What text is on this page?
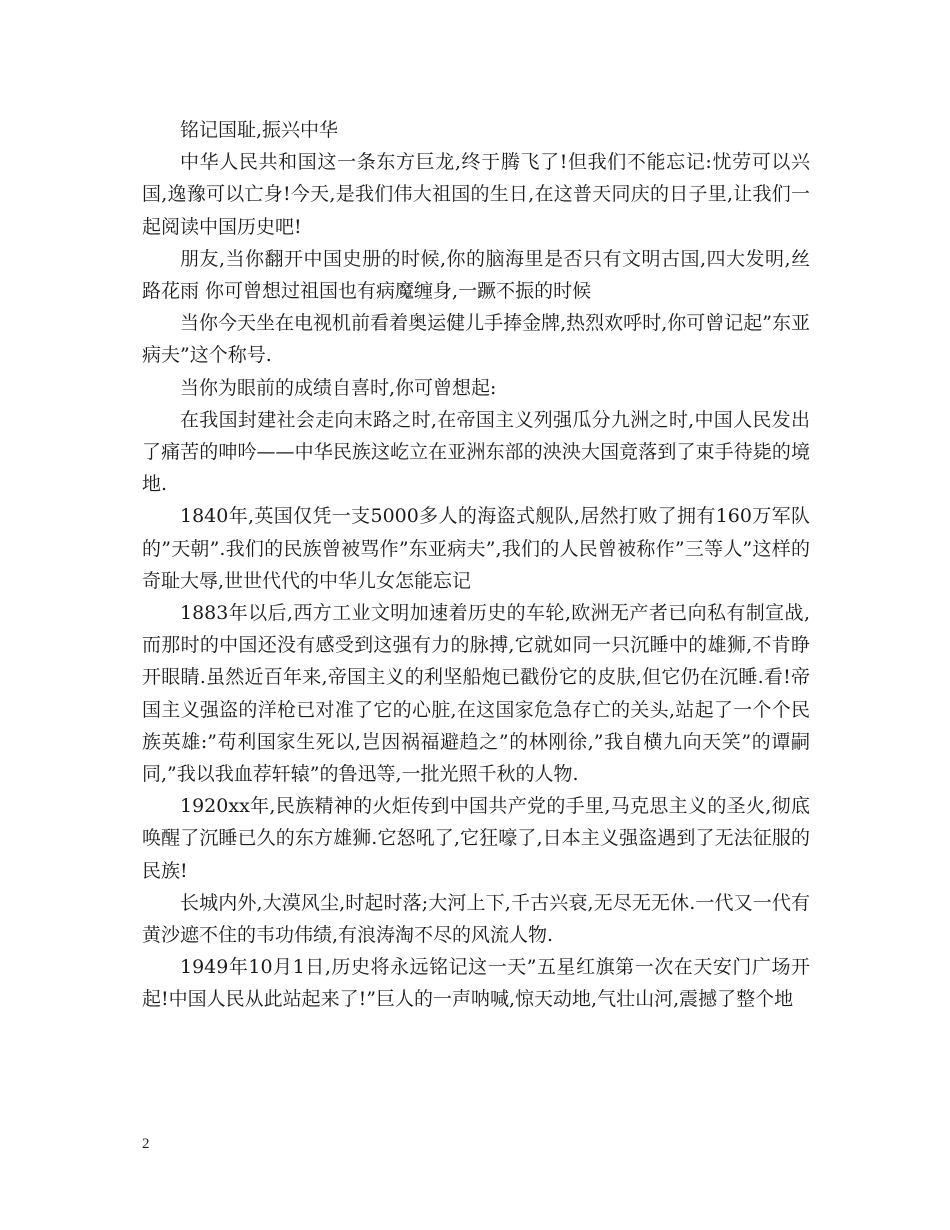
铭记国耻,振兴中华

中华人民共和国这一条东方巨龙,终于腾飞了!但我们不能忘记:忧劳可以兴国,逸豫可以亡身!今天,是我们伟大祖国的生日,在这普天同庆的日子里,让我们一起阅读中国历史吧!

朋友,当你翻开中国史册的时候,你的脑海里是否只有文明古国,四大发明,丝路花雨 你可曾想过祖国也有病魔缠身,一蹶不振的时候

当你今天坐在电视机前看着奥运健儿手捧金牌,热烈欢呼时,你可曾记起”东亚病夫”这个称号.

当你为眼前的成绩自喜时,你可曾想起:

在我国封建社会走向末路之时,在帝国主义列强瓜分九洲之时,中国人民发出了痛苦的呻吟——中华民族这屹立在亚洲东部的泱泱大国竟落到了束手待毙的境地.

1840年,英国仅凭一支5000多人的海盗式舰队,居然打败了拥有160万军队的”天朝”.我们的民族曾被骂作”东亚病夫”,我们的人民曾被称作”三等人”这样的奇耻大辱,世世代代的中华儿女怎能忘记

1883年以后,西方工业文明加速着历史的车轮,欧洲无产者已向私有制宣战,而那时的中国还没有感受到这强有力的脉搏,它就如同一只沉睡中的雄狮,不肯睁开眼睛.虽然近百年来,帝国主义的利坚船炮已戳份它的皮肤,但它仍在沉睡.看!帝国主义强盗的洋枪已对准了它的心脏,在这国家危急存亡的关头,站起了一个个民族英雄:”苟利国家生死以,岂因祸福避趋之”的林刚徐,”我自横九向天笑”的谭嗣同,”我以我血荐轩辕”的鲁迅等,一批光照千秋的人物.

1920xx年,民族精神的火炬传到中国共产党的手里,马克思主义的圣火,彻底唤醒了沉睡已久的东方雄狮.它怒吼了,它狂嚎了,日本主义强盗遇到了无法征服的民族!

长城内外,大漠风尘,时起时落;大河上下,千古兴衰,无尽无无休.一代又一代有黄沙遮不住的韦功伟绩,有浪涛淘不尽的风流人物.

1949年10月1日,历史将永远铭记这一天”五星红旗第一次在天安门广场开起!中国人民从此站起来了!”巨人的一声呐喊,惊天动地,气壮山河,震撼了整个地

2
